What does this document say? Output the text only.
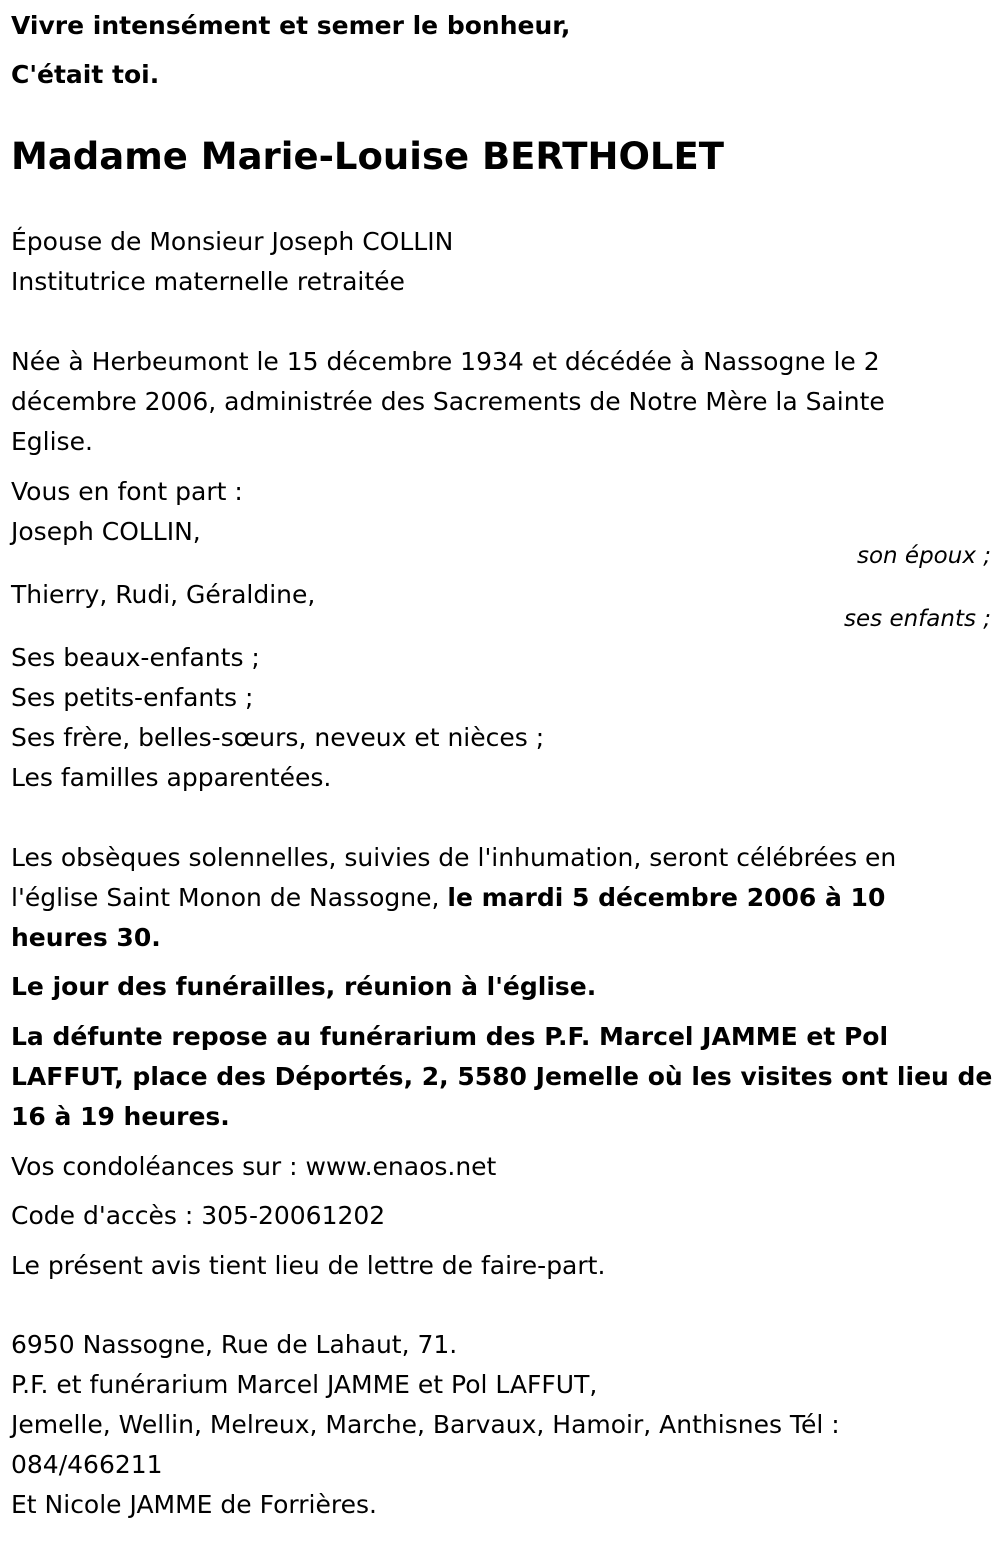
Vivre intensément et semer le bonheur,
C'était toi.
Madame Marie-Louise BERTHOLET
Épouse de Monsieur Joseph COLLIN
Institutrice maternelle retraitée
Née à Herbeumont le 15 décembre 1934 et décédée à Nassogne le 2
décembre 2006, administrée des Sacrements de Notre Mère la Sainte
Eglise.
Vous en font part :
Joseph COLLIN,
son époux ;
Thierry, Rudi, Géraldine,
ses enfants ;
Ses beaux-enfants ;
Ses petits-enfants ;
Ses frère, belles-sœurs, neveux et nièces ;
Les familles apparentées.
Les obsèques solennelles, suivies de l'inhumation, seront célébrées en
l'église Saint Monon de Nassogne, le mardi 5 décembre 2006 à 10
heures 30.
Le jour des funérailles, réunion à l'église.
La défunte repose au funérarium des P.F. Marcel JAMME et Pol
LAFFUT, place des Déportés, 2, 5580 Jemelle où les visites ont lieu de
16 à 19 heures.
Vos condoléances sur : www.enaos.net
Code d'accès : 305-20061202
Le présent avis tient lieu de lettre de faire-part.
6950 Nassogne, Rue de Lahaut, 71.
P.F. et funérarium Marcel JAMME et Pol LAFFUT,
Jemelle, Wellin, Melreux, Marche, Barvaux, Hamoir, Anthisnes Tél :
084/466211
Et Nicole JAMME de Forrières.
